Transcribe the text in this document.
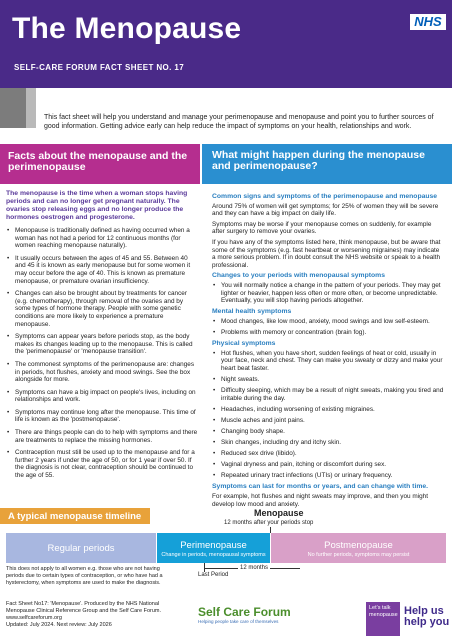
The Menopause
SELF-CARE FORUM FACT SHEET NO. 17
NHS
This fact sheet will help you understand and manage your perimenopause and menopause and point you to further sources of good information. Getting advice early can help reduce the impact of symptoms on your health, relationships and work.
Facts about the menopause and the perimenopause
What might happen during the menopause and perimenopause?
The menopause is the time when a woman stops having periods and can no longer get pregnant naturally. The ovaries stop releasing eggs and no longer produce the hormones oestrogen and progesterone.
• Menopause is traditionally defined as having occurred when a woman has not had a period for 12 continuous months (for women reaching menopause naturally).
• It usually occurs between the ages of 45 and 55. Between 40 and 45 it is known as early menopause but for some women it may occur before the age of 40. This is known as premature menopause, or premature ovarian insufficiency.
• Changes can also be brought about by treatments for cancer (e.g. chemotherapy), through removal of the ovaries and by some types of hormone therapy. People with some genetic conditions are more likely to experience a premature menopause.
• Symptoms can appear years before periods stop, as the body makes its changes leading up to the menopause. This is called the 'perimenopause' or 'menopause transition'.
• The commonest symptoms of the perimenopause are: changes in periods, hot flushes, anxiety and mood swings. See the box alongside for more.
• Symptoms can have a big impact on people's lives, including on relationships and work.
• Symptoms may continue long after the menopause. This time of life is known as the 'postmenopause'.
• There are things people can do to help with symptoms and there are treatments to replace the missing hormones.
• Contraception must still be used up to the menopause and for a further 2 years if under the age of 50, or for 1 year if over 50. If the diagnosis is not clear, contraception should be continued to the age of 55.
Common signs and symptoms of the perimenopause and menopause

Around 75% of women will get symptoms; for 25% of women they will be severe and they can have a big impact on daily life.

Symptoms may be worse if your menopause comes on suddenly, for example after surgery to remove your ovaries.

If you have any of the symptoms listed here, think menopause, but be aware that some of the symptoms (e.g. fast heartbeat or worsening migraines) may indicate a more serious problem. If in doubt consult the NHS website or speak to a health professional.

Changes to your periods with menopausal symptoms
• You will normally notice a change in the pattern of your periods. They may get lighter or heavier, happen less often or more often, or become unpredictable. Eventually, you will stop having periods altogether.
Mental health symptoms
• Mood changes, like low mood, anxiety, mood swings and low self-esteem.
• Problems with memory or concentration (brain fog).
Physical symptoms
• Hot flushes, when you have short, sudden feelings of heat or cold, usually in your face, neck and chest. They can make you sweaty or dizzy and make your heart beat faster.
• Night sweats.
• Difficulty sleeping, which may be a result of night sweats, making you tired and irritable during the day.
• Headaches, including worsening of existing migraines.
• Muscle aches and joint pains.
• Changing body shape.
• Skin changes, including dry and itchy skin.
• Reduced sex drive (libido).
• Vaginal dryness and pain, itching or discomfort during sex.
• Repeated urinary tract infections (UTIs) or urinary frequency.
Symptoms can last for months or years, and can change with time.

For example, hot flushes and night sweats may improve, and then you might develop low mood and anxiety.

A typical menopause timeline	Menopause
12 months after your periods stop
Regular periods	Perimenopause
Change in periods, menopausal symptoms
Postmenopause
No further periods, symptoms may persist
12 months
Last Period
This does not apply to all women e.g. those who are not having periods due to certain types of contraception, or who have had a hysterectomy, when symptoms are used to make the diagnosis.
Fact Sheet No17: 'Menopause'. Produced by the NHS National Menopause Clinical Reference Group and the Self Care Forum. www.selfcareforum.org
Updated: July 2024. Next review: July 2026
Self Care Forum
Helping people take care of themselves
Let's talk menopause Help us help you
